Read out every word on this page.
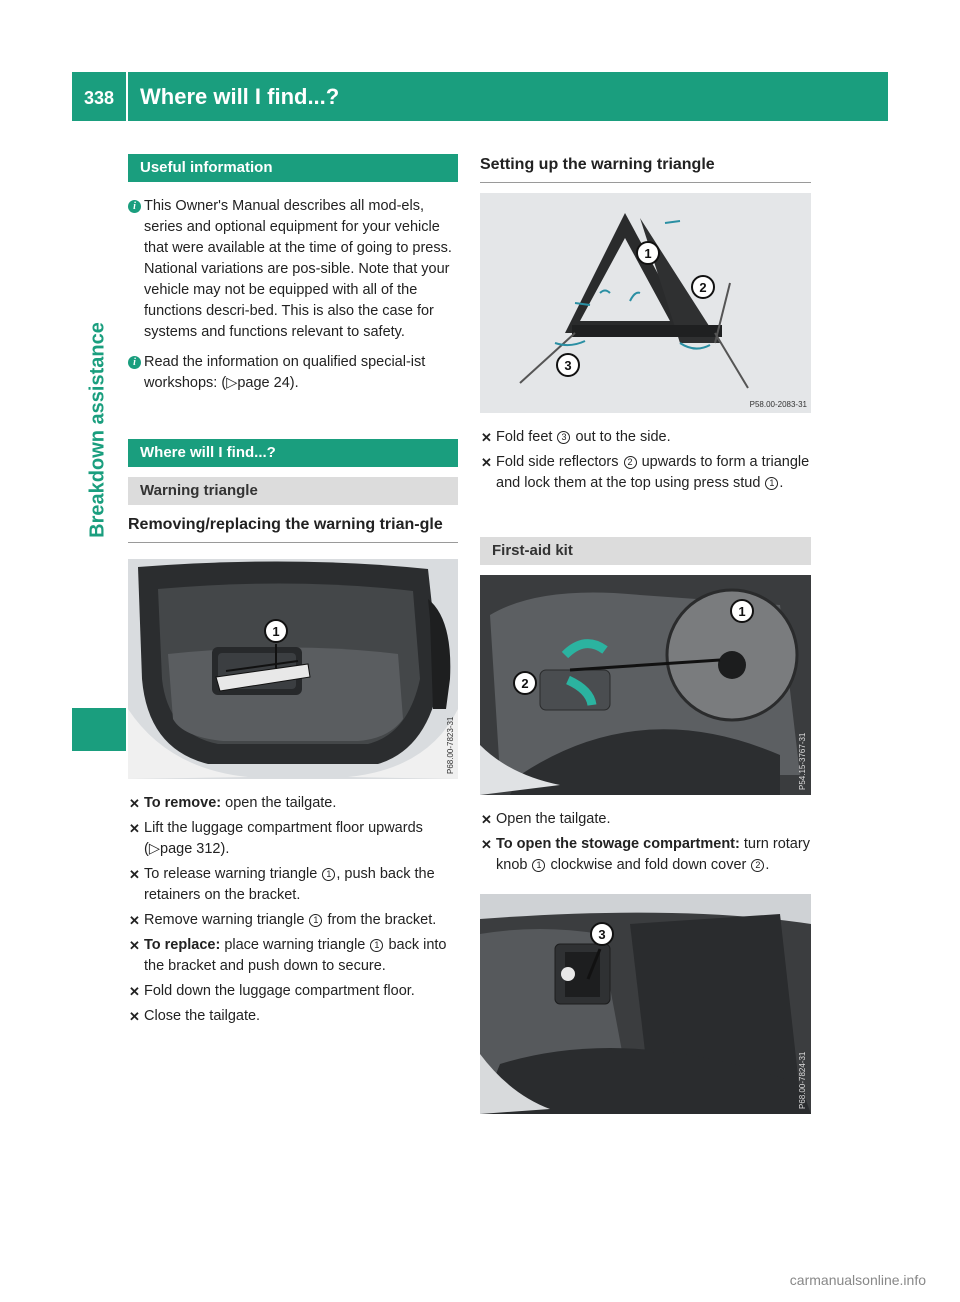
338 Where will I find...?
Breakdown assistance
Useful information
i This Owner's Manual describes all mod-els, series and optional equipment for your vehicle that were available at the time of going to press. National variations are pos-sible. Note that your vehicle may not be equipped with all of the functions descri-bed. This is also the case for systems and functions relevant to safety.
i Read the information on qualified special-ist workshops: (▷page 24).
Where will I find...?
Warning triangle
Removing/replacing the warning trian-gle
1
P68.00-7823-31
✕ To remove: open the tailgate.
✕ Lift the luggage compartment floor upwards (▷page 312).
✕ To release warning triangle 1 , push back the retainers on the bracket.
✕ Remove warning triangle 1 from the bracket.
✕ To replace: place warning triangle 1 back into the bracket and push down to secure.
✕ Fold down the luggage compartment floor.
✕ Close the tailgate.
Setting up the warning triangle
1
2
3
P58.00-2083-31
✕ Fold feet 3 out to the side.
✕ Fold side reflectors 2 upwards to form a triangle and lock them at the top using press stud 1 .
First-aid kit
1
2
P54.15-3767-31
✕ Open the tailgate.
✕ To open the stowage compartment: turn rotary knob 1 clockwise and fold down cover 2 .
3
P68.00-7824-31
carmanualsonline.info
